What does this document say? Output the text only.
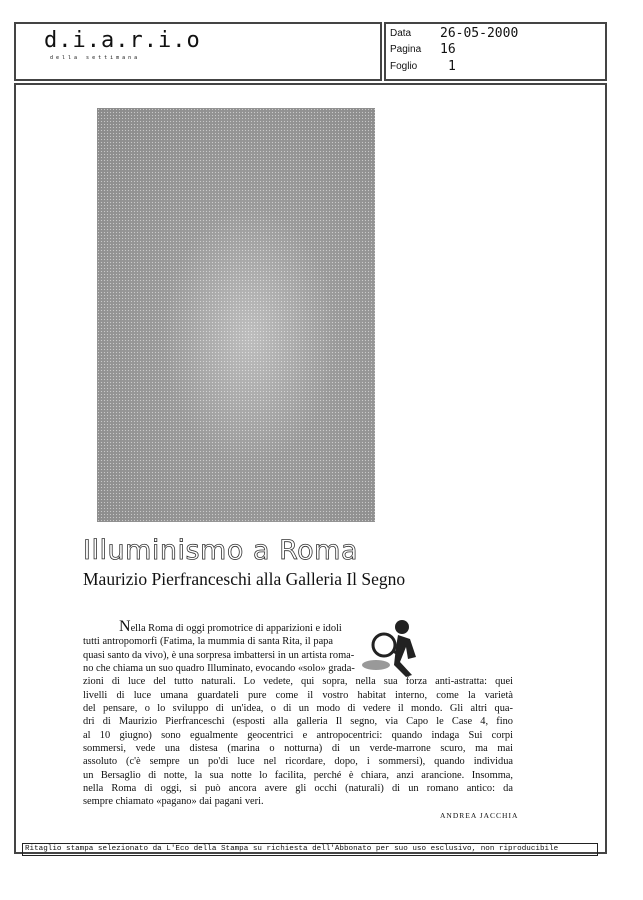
d.i.a.r.i.o
della settimana
Data 26-05-2000
Pagina 16
Foglio 1
Illuminismo a Roma
Maurizio Pierfranceschi alla Galleria Il Segno
Nella Roma di oggi promotrice di apparizioni e idoli
tutti antropomorfi (Fatima, la mummia di santa Rita, il papa
quasi santo da vivo), è una sorpresa imbattersi in un artista roma-
no che chiama un suo quadro Illuminato, evocando «solo» grada-
zioni di luce del tutto naturali. Lo vedete, qui sopra, nella sua forza anti-astratta: quei
livelli di luce umana guardateli pure come il vostro habitat interno, come la varietà
del pensare, o lo sviluppo di un'idea, o di un modo di vedere il mondo. Gli altri qua-
dri di Maurizio Pierfranceschi (esposti alla galleria Il segno, via Capo le Case 4, fino
al 10 giugno) sono egualmente geocentrici e antropocentrici: quando indaga Sui corpi
sommersi, vede una distesa (marina o notturna) di un verde-marrone scuro, ma mai
assoluto (c'è sempre un po'di luce nel ricordare, dopo, i sommersi), quando individua
un Bersaglio di notte, la sua notte lo facilita, perché è chiara, anzi arancione. Insomma,
nella Roma di oggi, si può ancora avere gli occhi (naturali) di un romano antico: da
sempre chiamato «pagano» dai pagani veri.
ANDREA JACCHIA
Ritaglio stampa selezionato da L'Eco della Stampa su richiesta dell'Abbonato per suo uso esclusivo, non riproducibile
